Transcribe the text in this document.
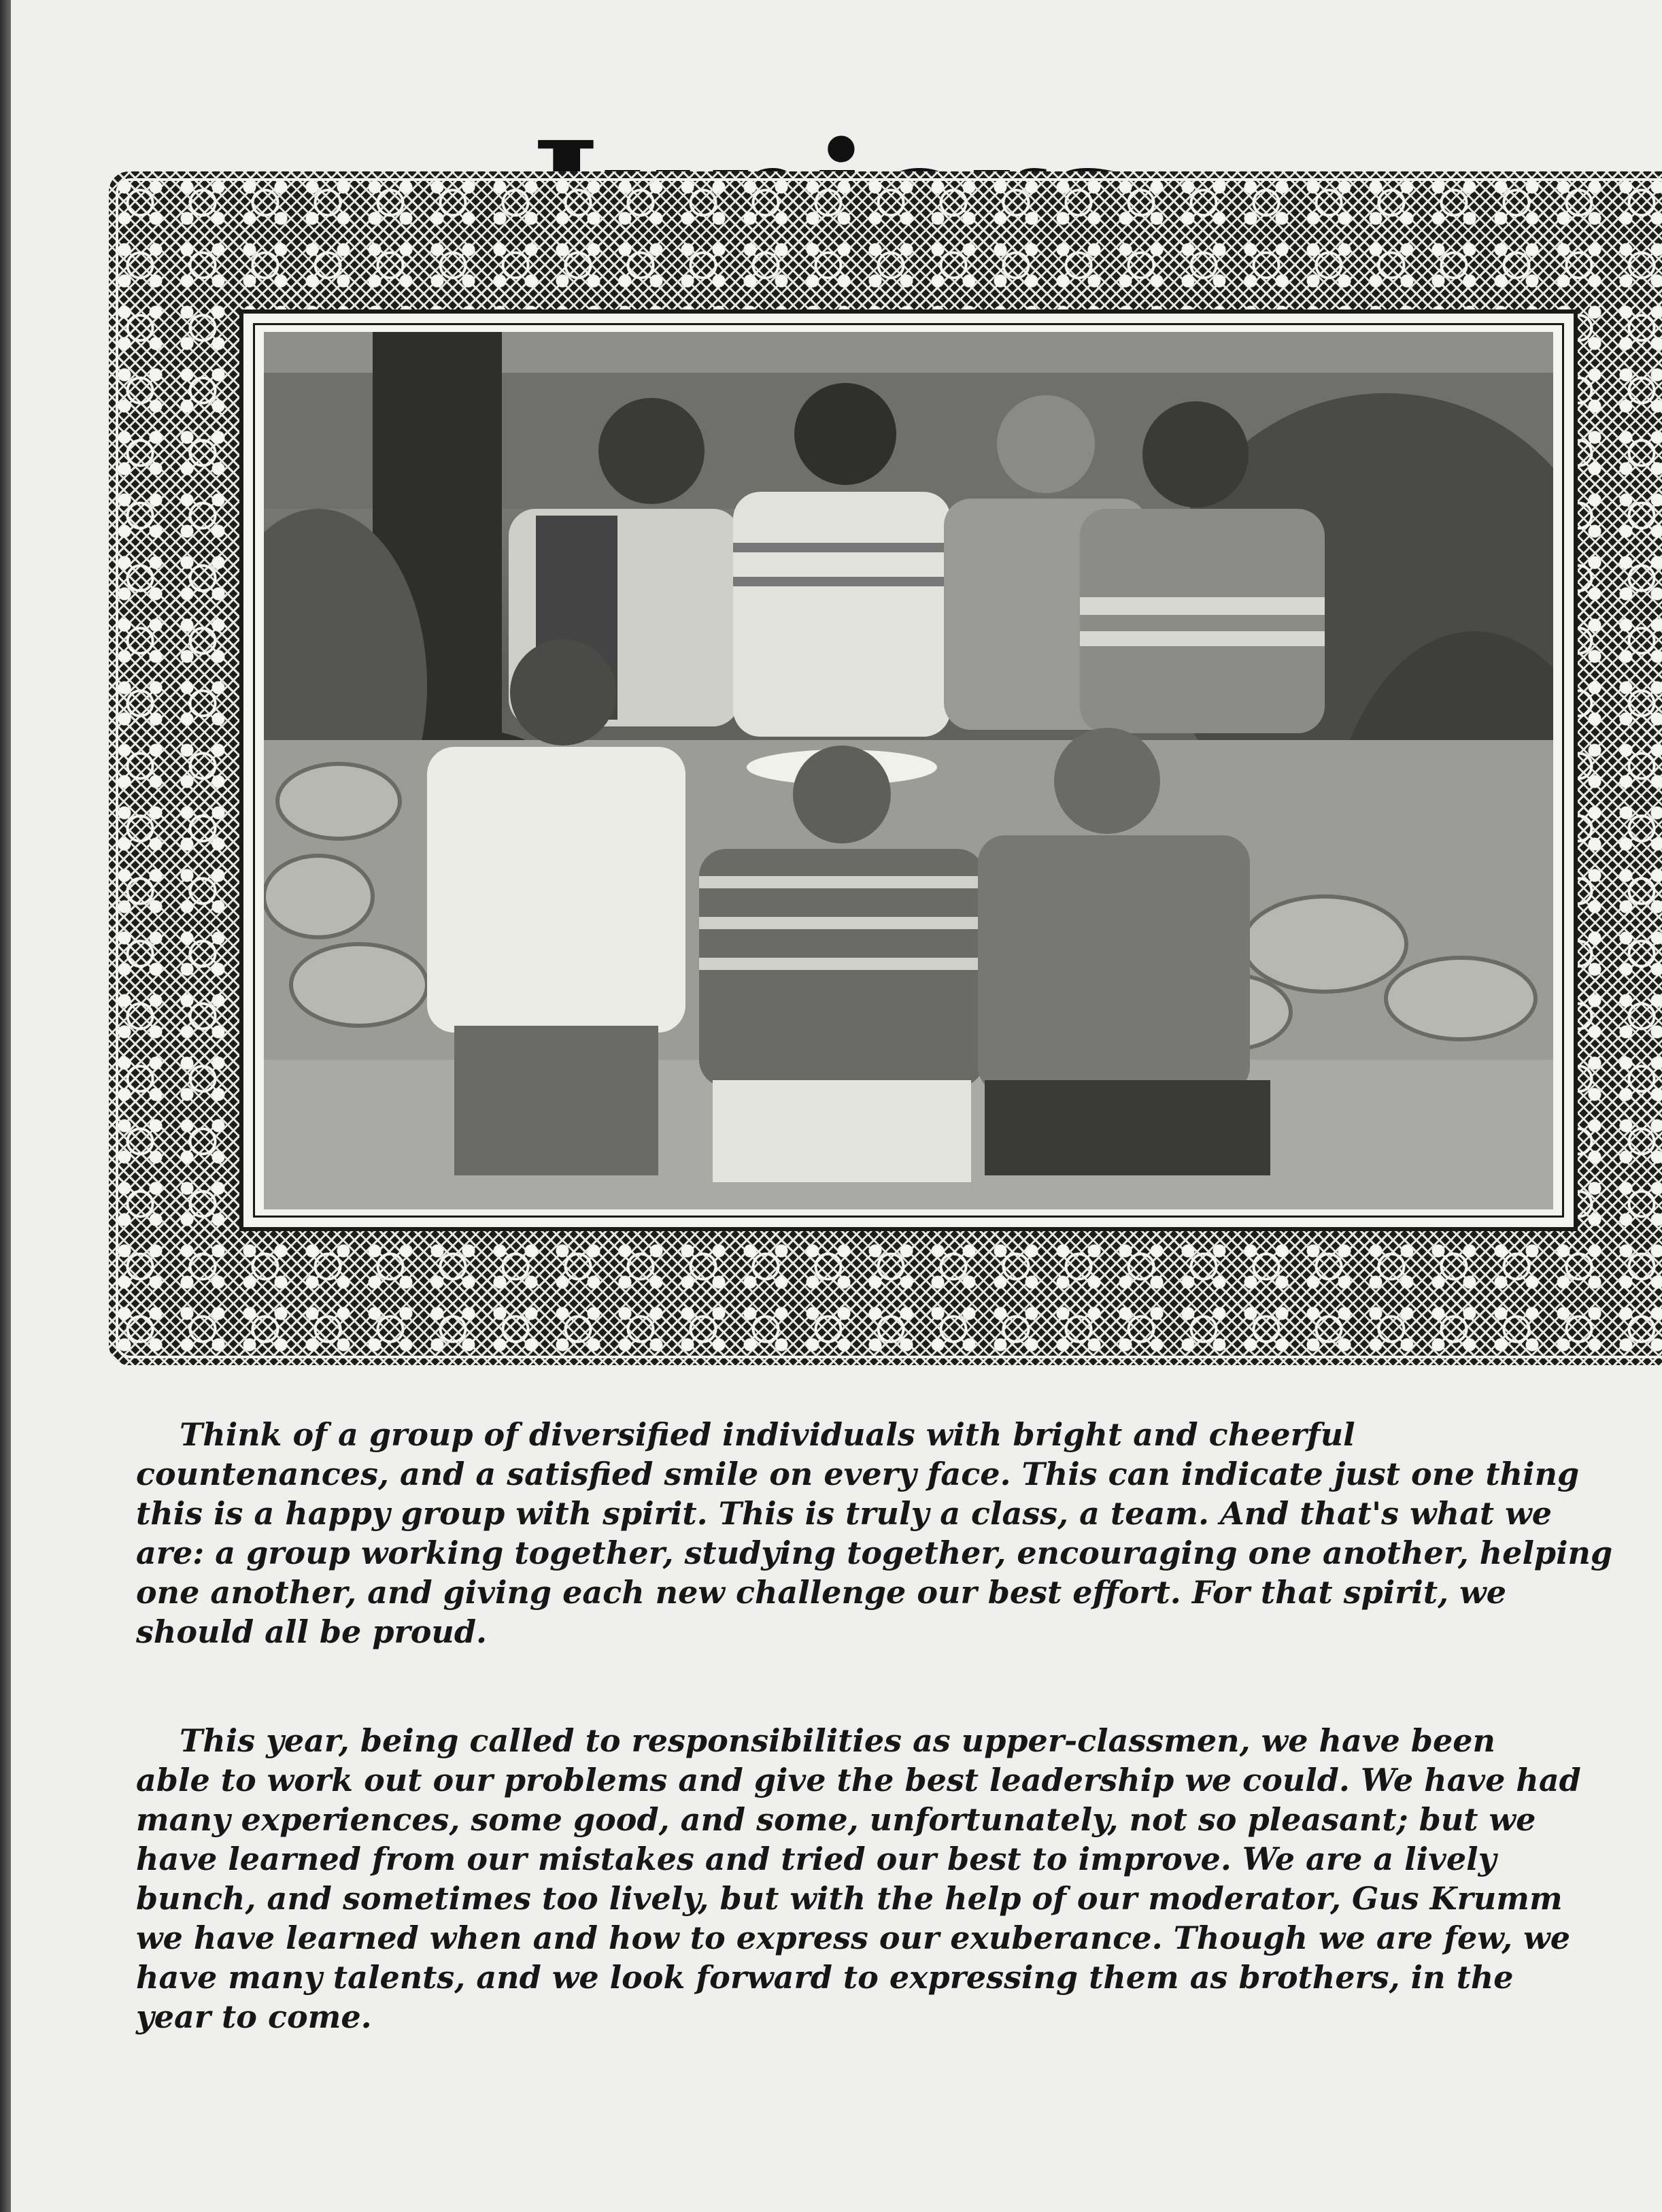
Think of a group of diversified individuals with bright and cheerful
countenances, and a satisfied smile on every face. This can indicate just one thing
this is a happy group with spirit. This is truly a class, a team. And that's what we
are: a group working together, studying together, encouraging one another, helping
one another, and giving each new challenge our best effort. For that spirit, we
should all be proud.

This year, being called to responsibilities as upper-classmen, we have been
able to work out our problems and give the best leadership we could. We have had
many experiences, some good, and some, unfortunately, not so pleasant; but we
have learned from our mistakes and tried our best to improve. We are a lively
bunch, and sometimes too lively, but with the help of our moderator, Gus Krumm
we have learned when and how to express our exuberance. Though we are few, we
have many talents, and we look forward to expressing them as brothers, in the
year to come.
